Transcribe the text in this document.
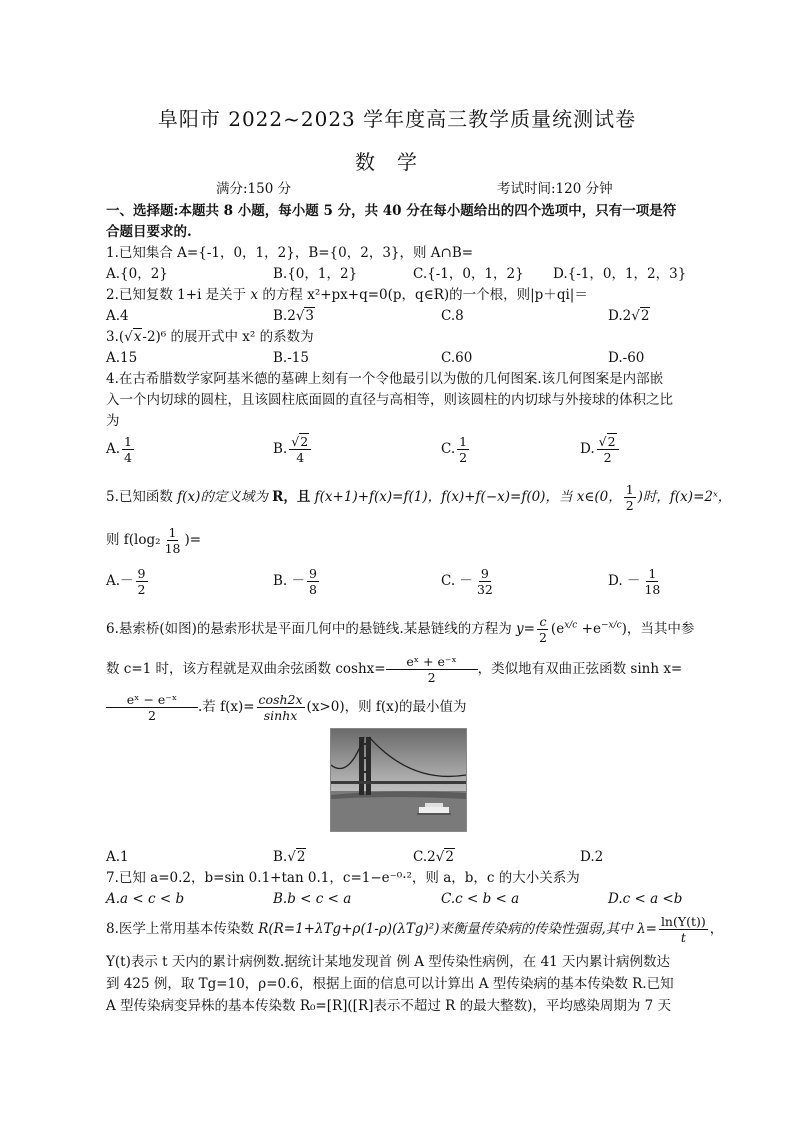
阜阳市 2022~2023 学年度高三教学质量统测试卷
数学
满分:150 分	考试时间:120 分钟
一、选择题:本题共 8 小题，每小题 5 分，共 40 分在每小题给出的四个选项中，只有一项是符
合题目要求的.
1.已知集合 A={-1，0，1，2}，B={0，2，3}，则 A∩B=
A.{0，2}	B.{0，1，2}	C.{-1，0，1，2} D.{-1，0，1，2，3}
2.已知复数 1+i 是关于 x 的方程 x²+px+q=0(p，q∈R)的一个根，则|p＋qi|＝
A.4	B.2√3	C.8	D.2√2
3.(√x-2)⁶ 的展开式中 x² 的系数为
A.15	B.-15	C.60	D.-60
4.在古希腊数学家阿基米德的墓碑上刻有一个令他最引以为傲的几何图案.该几何图案是内部嵌
入一个内切球的圆柱，且该圆柱底面圆的直径与高相等，则该圆柱的内切球与外接球的体积之比
为
A. $\frac{1}{4}$	B. $\frac{√2}{4}$	C. $\frac{1}{2}$	D. $\frac{√2}{2}$
5.已知函数 f(x)的定义域为 R，且 f(x+1)+f(x)=f(1)，f(x)+f(−x)=f(0)，当 x∈(0， $\frac{1}{2}$ )时，f(x)=2ˣ，
则 $f(\log_2 \frac{1}{18}$ )=
$A.- \frac{9}{2}$	B. － $\frac{9}{8}$	C. － $\frac{9}{32}$	D. － $\frac{1}{18}$
6.悬索桥(如图)的悬索形状是平面几何中的悬链线.某悬链线的方程为 $y= \frac{c}{2} (e^{x/c} +e^{-x/c})$，当其中参
数 c=1 时，该方程就是双曲余弦函数 $\cosh x= \frac{\text{eˣ + e⁻ˣ}}{2}$ ，类似地有双曲正弦函数 sinh x=
$\frac{\text{eˣ − e⁻ˣ}}{2}$ .若 $f(x)= \frac{\cosh 2x}{\sinh x} (x>0)$，则 f(x)的最小值为
A.1	B.√2	C.2√2	D.2
7.已知 a=0.2，b=sin 0.1+tan 0.1，c=1−e⁻⁰·²，则 a，b，c 的大小关系为
A.a < c < b	B.b < c < a	C.c < b < a	D.c < a <b
8.医学上常用基本传染数 R(R=1+λTg+ρ(1-ρ)(λTg)²)来衡量传染病的传染性强弱,其中 $\lambda= \frac{\ln(Y(t))}{t}$ ，
Y(t)表示 t 天内的累计病例数.据统计某地发现首 例 A 型传染性病例，在 41 天内累计病例数达
到 425 例，取 Tg=10，ρ=0.6，根据上面的信息可以计算出 A 型传染病的基本传染数 R.已知
A 型传染病变异株的基本传染数 R₀=[R]([R]表示不超过 R 的最大整数)，平均感染周期为 7 天
